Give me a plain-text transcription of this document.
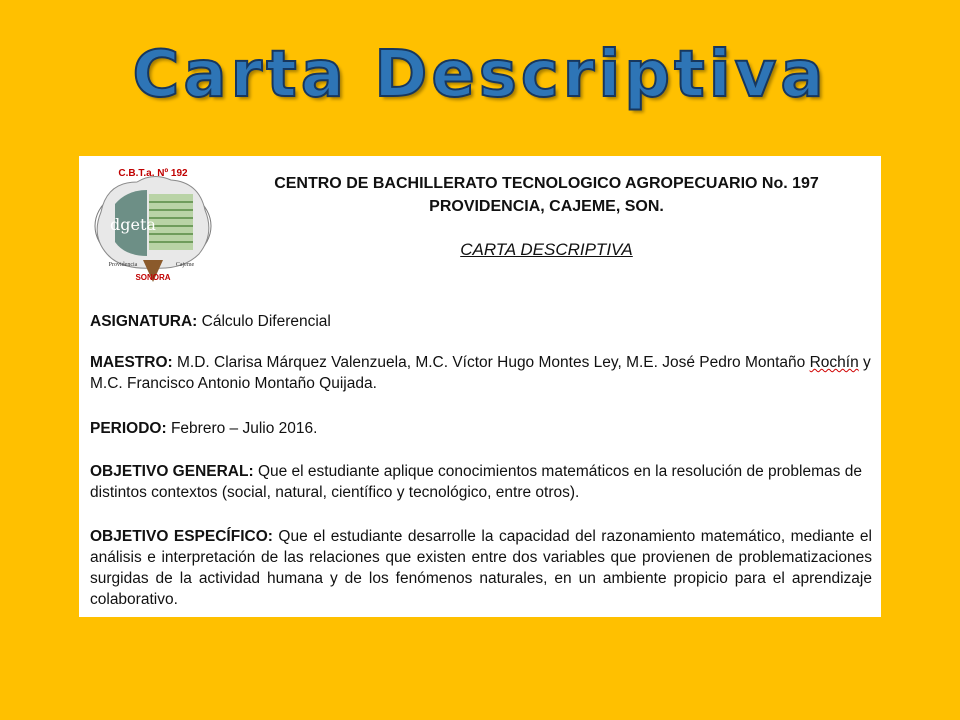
Carta Descriptiva
C.B.T.a. Nº 192
dgeta
Providencia	Cajeme
SONORA
CENTRO DE BACHILLERATO TECNOLOGICO AGROPECUARIO No. 197
PROVIDENCIA, CAJEME, SON.
CARTA DESCRIPTIVA
ASIGNATURA: Cálculo Diferencial
MAESTRO: M.D. Clarisa Márquez Valenzuela, M.C. Víctor Hugo Montes Ley, M.E. José Pedro Montaño Rochín y M.C. Francisco Antonio Montaño Quijada.
PERIODO: Febrero – Julio 2016.
OBJETIVO GENERAL: Que el estudiante aplique conocimientos matemáticos en la resolución de problemas de distintos contextos (social, natural, científico y tecnológico, entre otros).
OBJETIVO ESPECÍFICO: Que el estudiante desarrolle la capacidad del razonamiento matemático, mediante el análisis e interpretación de las relaciones que existen entre dos variables que provienen de problematizaciones surgidas de la actividad humana y de los fenómenos naturales, en un ambiente propicio para el aprendizaje colaborativo.
